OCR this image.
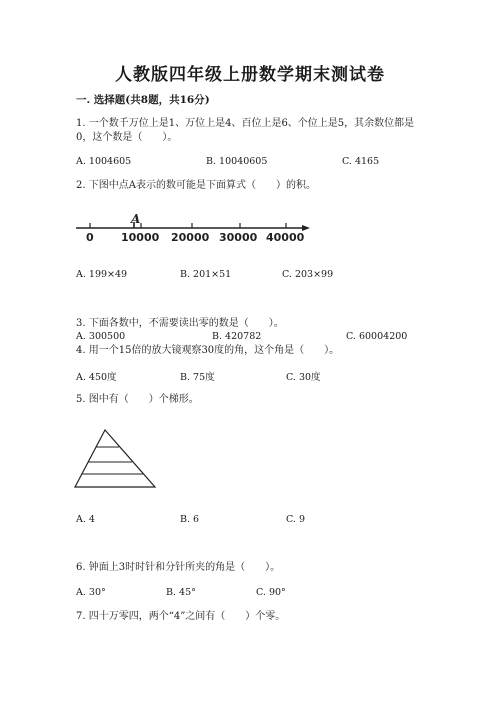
人教版四年级上册数学期末测试卷
一. 选择题(共8题，共16分)
1. 一个数千万位上是1、万位上是4、百位上是6、个位上是5，其余数位都是
0，这个数是（　　）。
A. 1004605	B. 10040605	C. 4165
2. 下图中点A表示的数可能是下面算式（　　）的积。
A
0 10000 20000 30000 40000
A. 199×49	B. 201×51	C. 203×99
3. 下面各数中，不需要读出零的数是（　　）。
A. 300500	B. 420782	C. 60004200
4. 用一个15倍的放大镜观察30度的角，这个角是（　　）。
A. 450度	B. 75度	C. 30度
5. 图中有（　　）个梯形。
A. 4	B. 6	C. 9
6. 钟面上3时时针和分针所夹的角是（　　）。
A. 30°	B. 45°	C. 90°
7. 四十万零四，两个“4”之间有（　　）个零。
